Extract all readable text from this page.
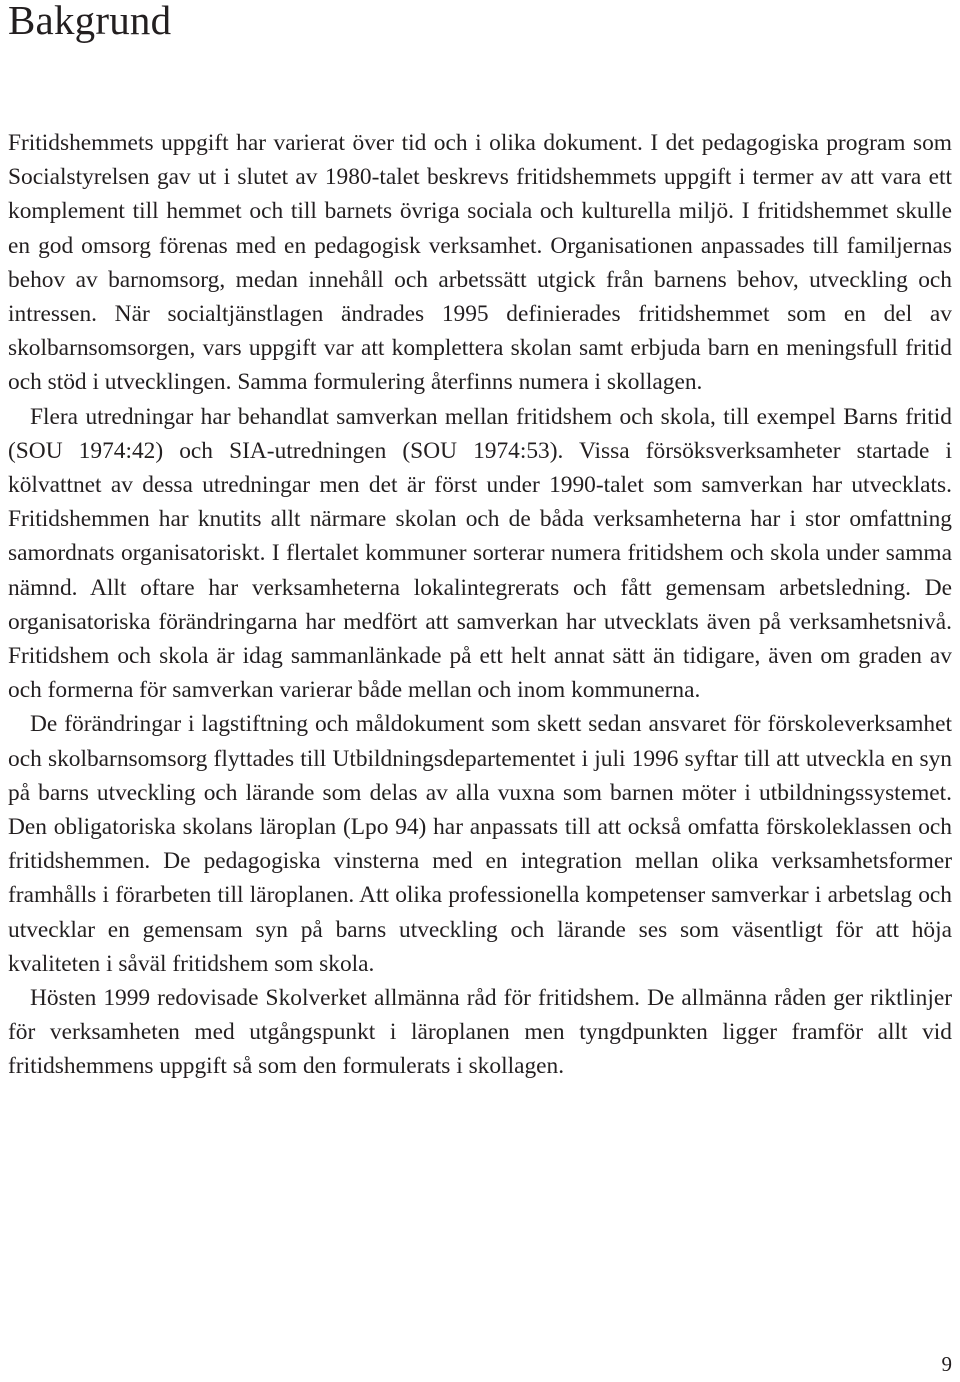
Bakgrund

Fritidshemmets uppgift har varierat över tid och i olika dokument. I det pedagogiska program som Socialstyrelsen gav ut i slutet av 1980-talet beskrevs fritidshemmets uppgift i termer av att vara ett komplement till hemmet och till barnets övriga sociala och kulturella miljö. I fritidshemmet skulle en god omsorg förenas med en pedagogisk verksamhet. Organisationen anpassades till familjernas behov av barnomsorg, medan innehåll och arbetssätt utgick från barnens behov, utveckling och intressen. När socialtjänstlagen ändrades 1995 definierades fritidshemmet som en del av skolbarnsomsorgen, vars uppgift var att komplettera skolan samt erbjuda barn en meningsfull fritid och stöd i utvecklingen. Samma formulering återfinns numera i skollagen.

Flera utredningar har behandlat samverkan mellan fritidshem och skola, till exempel Barns fritid (SOU 1974:42) och SIA-utredningen (SOU 1974:53). Vissa försöksverksamheter startade i kölvattnet av dessa utredningar men det är först under 1990-talet som samverkan har utvecklats. Fritidshemmen har knutits allt närmare skolan och de båda verksamheterna har i stor omfattning samordnats organisatoriskt. I flertalet kommuner sorterar numera fritidshem och skola under samma nämnd. Allt oftare har verksamheterna lokalintegrerats och fått gemensam arbetsledning. De organisatoriska förändringarna har medfört att samverkan har utvecklats även på verksamhetsnivå. Fritidshem och skola är idag sammanlänkade på ett helt annat sätt än tidigare, även om graden av och formerna för samverkan varierar både mellan och inom kommunerna.

De förändringar i lagstiftning och måldokument som skett sedan ansvaret för förskoleverksamhet och skolbarnsomsorg flyttades till Utbildningsdepartementet i juli 1996 syftar till att utveckla en syn på barns utveckling och lärande som delas av alla vuxna som barnen möter i utbildningssystemet. Den obligatoriska skolans läroplan (Lpo 94) har anpassats till att också omfatta förskoleklassen och fritidshemmen. De pedagogiska vinsterna med en integration mellan olika verksamhetsformer framhålls i förarbeten till läroplanen. Att olika professionella kompetenser samverkar i arbetslag och utvecklar en gemensam syn på barns utveckling och lärande ses som väsentligt för att höja kvaliteten i såväl fritidshem som skola.

Hösten 1999 redovisade Skolverket allmänna råd för fritidshem. De allmänna råden ger riktlinjer för verksamheten med utgångspunkt i läroplanen men tyngdpunkten ligger framför allt vid fritidshemmens uppgift så som den formulerats i skollagen.

9
